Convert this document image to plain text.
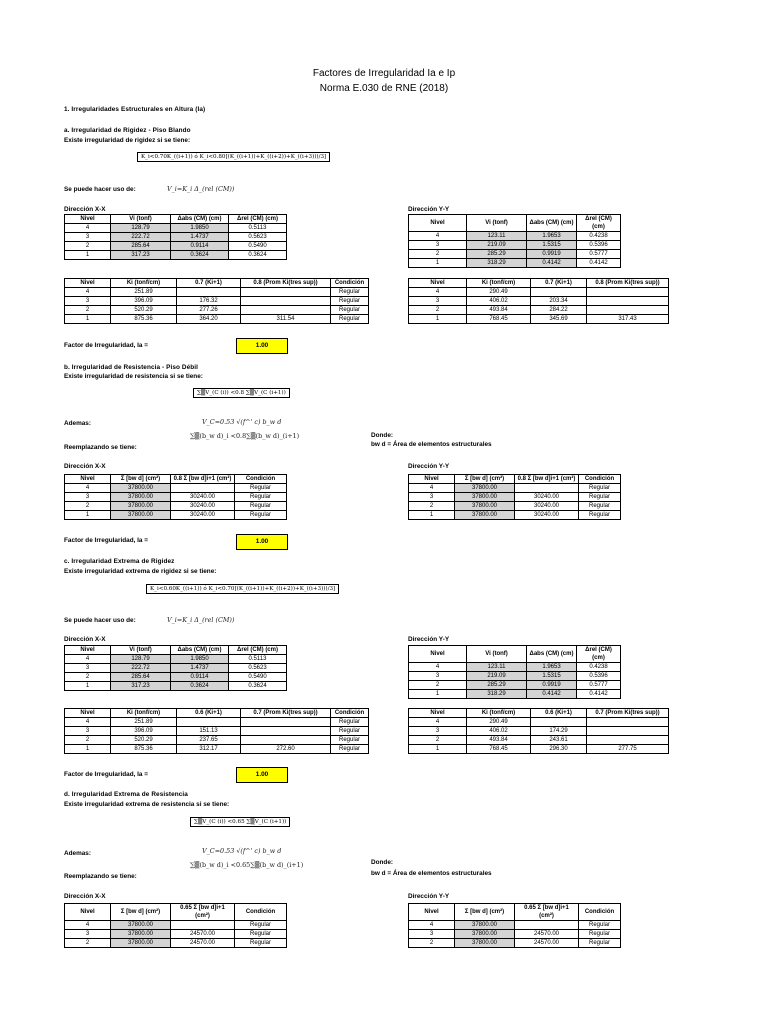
Factores de Irregularidad Ia e Ip
Norma E.030 de RNE (2018)
1. Irregularidades Estructurales en Altura (Ia)
a. Irregularidad de Rigidez - Piso Blando
Existe irregularidad de rigidez si se tiene:
K_i<0.70K_((i+1)) ó K_i<0.80[(K_((i+1))+K_((i+2))+K_((i+3)))/3]
Se puede hacer uso de:	V_i=K_i Δ_(rel (CM))
Dirección X-X	Dirección Y-Y
Nivel	Vi (tonf)	Δabs (CM) (cm)	Δrel (CM) (cm)
4	128.79	1.9850	0.5113
3	222.72	1.4737	0.5623
2	285.64	0.9114	0.5490
1	317.23	0.3624	0.3624
Nivel	Vi (tonf)	Δabs (CM) (cm)	Δrel (CM) (cm)
4	123.11	1.9653	0.4238
3	219.09	1.5315	0.5396
2	285.29	0.9919	0.5777
1	318.29	0.4142	0.4142
Nivel	Ki (tonf/cm)	0.7 (Ki+1)	0.8 (Prom Ki(tres sup))	Condición
4	251.89			Regular
3	396.09	176.32		Regular
2	520.29	277.26		Regular
1	875.36	364.20	311.54	Regular
Nivel	Ki (tonf/cm)	0.7 (Ki+1)	0.8 (Prom Ki(tres sup))
4	290.49		
3	406.02	203.34	
2	493.84	284.22	
1	768.45	345.69	317.43
Factor de Irregularidad, Ia =	1.00
b. Irregularidad de Resistencia - Piso Débil
Existe irregularidad de resistencia si se tiene:
∑▒V_(C (i)) <0.8 ∑▒V_(C (i+1))
Ademas:	V_C=0.53 √(f^' c) b_w d
∑▒(b_w d)_i <0.8∑▒(b_w d)_(i+1)
Reemplazando se tiene:
Donde:
bw d = Área de elementos estructurales
Dirección X-X	Dirección Y-Y
Nivel	Σ [bw d] (cm²)	0.8 Σ [bw d]i+1 (cm²)	Condición
4	37800.00		Regular
3	37800.00	30240.00	Regular
2	37800.00	30240.00	Regular
1	37800.00	30240.00	Regular
Nivel	Σ [bw d] (cm²)	0.8 Σ [bw d]i+1 (cm²)	Condición
4	37800.00		Regular
3	37800.00	30240.00	Regular
2	37800.00	30240.00	Regular
1	37800.00	30240.00	Regular
Factor de Irregularidad, Ia =	1.00
c. Irregularidad Extrema de Rigidez
Existe irregularidad extrema de rigidez si se tiene:
K_i<0.60K_((i+1)) ó K_i<0.70[(K_((i+1))+K_((i+2))+K_((i+3)))/3]
Se puede hacer uso de:	V_i=K_i Δ_(rel (CM))
Dirección X-X	Dirección Y-Y
Nivel	Vi (tonf)	Δabs (CM) (cm)	Δrel (CM) (cm)
4	128.79	1.9850	0.5113
3	222.72	1.4737	0.5623
2	285.64	0.9114	0.5490
1	317.23	0.3624	0.3624
Nivel	Vi (tonf)	Δabs (CM) (cm)	Δrel (CM) (cm)
4	123.11	1.9653	0.4238
3	219.09	1.5315	0.5396
2	285.29	0.9919	0.5777
1	318.29	0.4142	0.4142
Nivel	Ki (tonf/cm)	0.6 (Ki+1)	0.7 (Prom Ki(tres sup))	Condición
4	251.89			Regular
3	396.09	151.13		Regular
2	520.29	237.65		Regular
1	875.36	312.17	272.60	Regular
Nivel	Ki (tonf/cm)	0.6 (Ki+1)	0.7 (Prom Ki(tres sup))
4	290.49		
3	406.02	174.29	
2	493.84	243.61	
1	768.45	296.30	277.75
Factor de Irregularidad, Ia =	1.00
d. Irregularidad Extrema de Resistencia
Existe irregularidad extrema de resistencia si se tiene:
∑▒V_(C (i)) <0.65 ∑▒V_(C (i+1))
Ademas:	V_C=0.53 √(f^' c) b_w d
∑▒(b_w d)_i <0.65∑▒(b_w d)_(i+1)
Reemplazando se tiene:
Donde:
bw d = Área de elementos estructurales
Dirección X-X	Dirección Y-Y
Nivel	Σ [bw d] (cm²)	0.65 Σ [bw d]i+1 (cm²)	Condición
4	37800.00		Regular
3	37800.00	24570.00	Regular
2	37800.00	24570.00	Regular
Nivel	Σ [bw d] (cm²)	0.65 Σ [bw d]i+1 (cm²)	Condición
4	37800.00		Regular
3	37800.00	24570.00	Regular
2	37800.00	24570.00	Regular
